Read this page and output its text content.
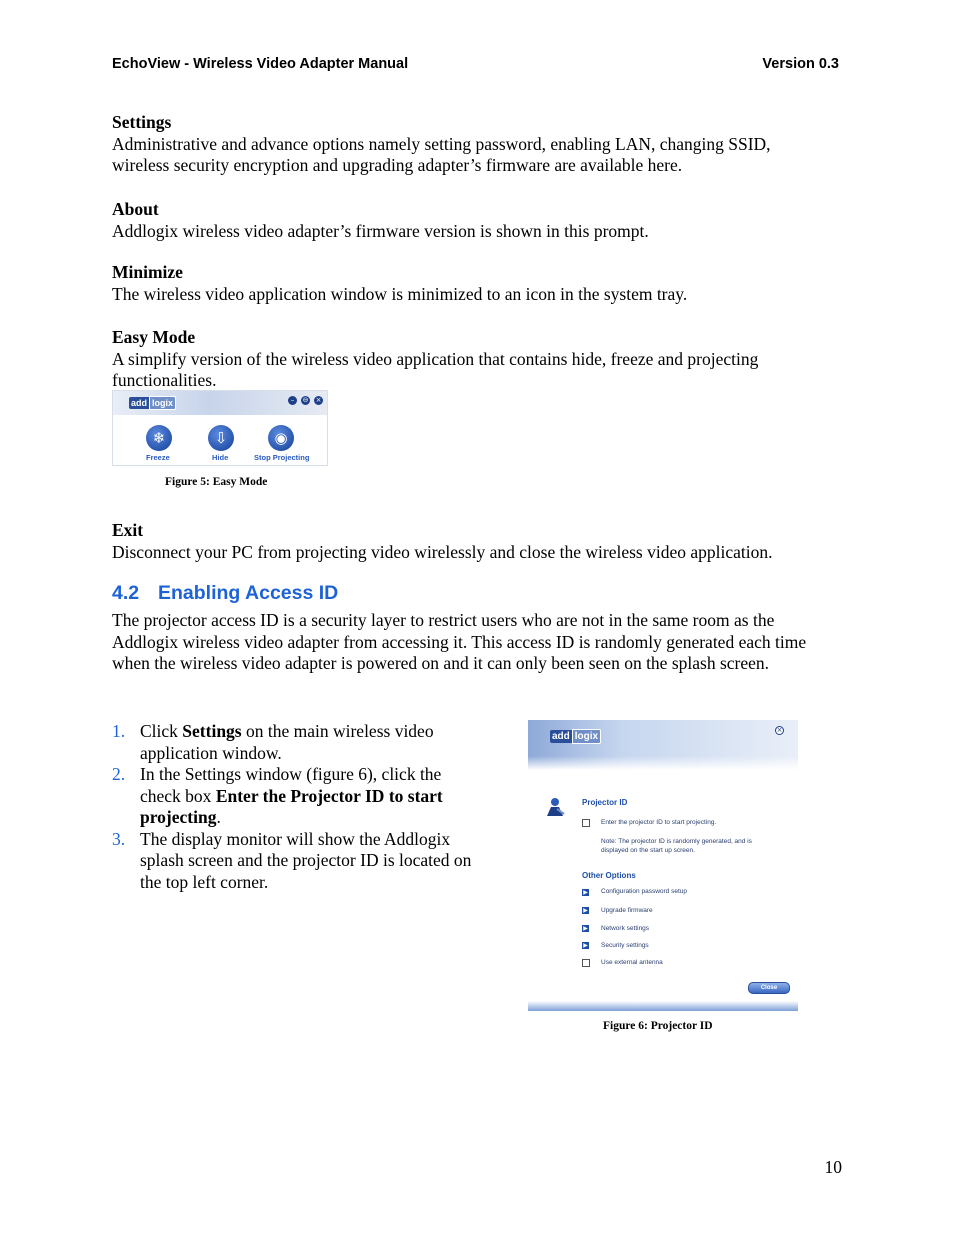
EchoView - Wireless Video Adapter Manual	Version 0.3
Settings

Administrative and advance options namely setting password, enabling LAN, changing SSID, wireless security encryption and upgrading adapter’s firmware are available here.

About

Addlogix wireless video adapter’s firmware version is shown in this prompt.

Minimize

The wireless video application window is minimized to an icon in the system tray.

Easy Mode

A simplify version of the wireless video application that contains hide, freeze and projecting functionalities.

add logix	–	⊖ ×
❄
Freeze
⇩
Hide
◉
Stop Projecting
Figure 5: Easy Mode
Exit

Disconnect your PC from projecting video wirelessly and close the wireless video application.

4.2 Enabling Access ID
The projector access ID is a security layer to restrict users who are not in the same room as the Addlogix wireless video adapter from accessing it. This access ID is randomly generated each time when the wireless video adapter is powered on and it can only been seen on the splash screen.
1. Click Settings on the main wireless video application window.
2. In the Settings window (figure 6), click the check box Enter the Projector ID to start projecting.
3. The display monitor will show the Addlogix splash screen and the projector ID is located on the top left corner.
add logix
×
Projector ID
Enter the projector ID to start projecting.
Note: The projector ID is randomly generated, and is
displayed on the start up screen.
Other Options
▶ Configuration password setup
▶ Upgrade firmware
▶ Network settings
▶ Security settings
Use external antenna
Close
Figure 6: Projector ID
10
